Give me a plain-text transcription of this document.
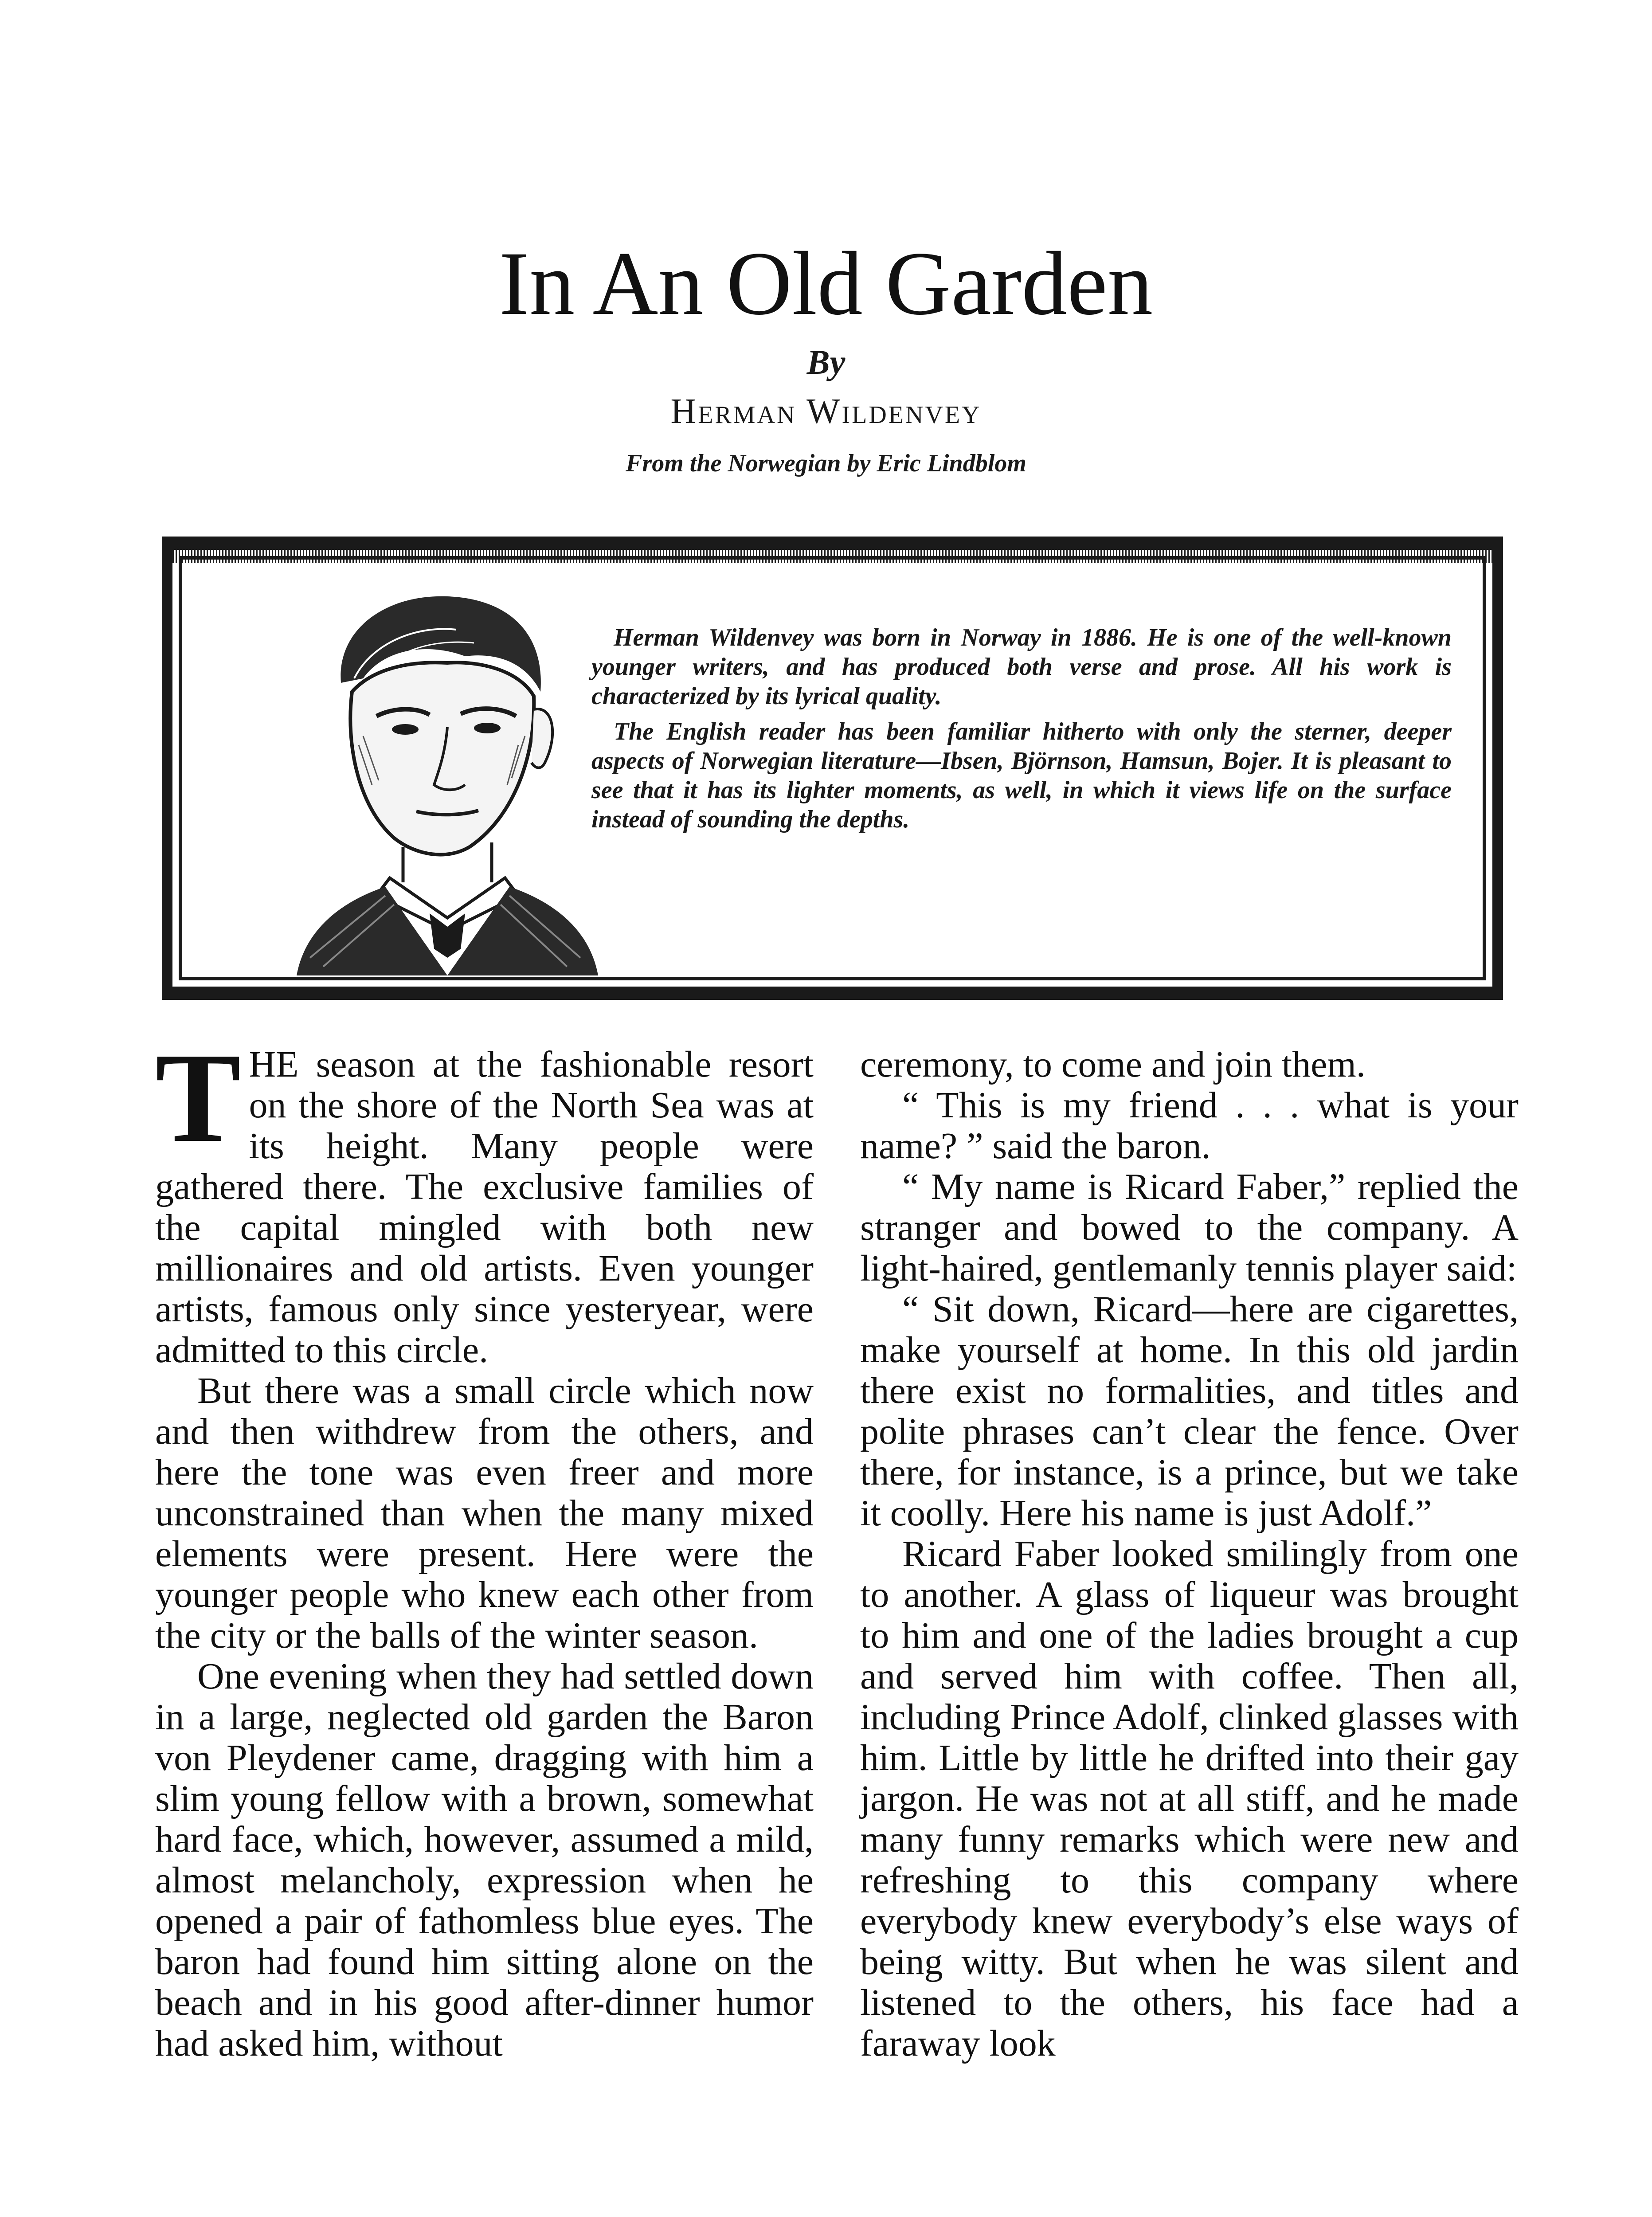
In An Old Garden
By
Herman Wildenvey
From the Norwegian by Eric Lindblom

Herman Wildenvey was born in Norway in 1886. He is one of the well-known younger writers, and has produced both verse and prose. All his work is characterized by its lyrical quality.

The English reader has been familiar hitherto with only the sterner, deeper aspects of Norwegian literature—Ibsen, Björnson, Hamsun, Bojer. It is pleasant to see that it has its lighter moments, as well, in which it views life on the surface instead of sounding the depths.

THE season at the fashionable resort on the shore of the North Sea was at its height. Many people were gathered there. The exclusive families of the capital mingled with both new millionaires and old artists. Even younger artists, famous only since yesteryear, were admitted to this circle.

But there was a small circle which now and then withdrew from the others, and here the tone was even freer and more unconstrained than when the many mixed elements were present. Here were the younger people who knew each other from the city or the balls of the winter season.

One evening when they had settled down in a large, neglected old garden the Baron von Pleydener came, dragging with him a slim young fellow with a brown, somewhat hard face, which, however, assumed a mild, almost melancholy, expression when he opened a pair of fathomless blue eyes. The baron had found him sitting alone on the beach and in his good after-dinner humor had asked him, without

ceremony, to come and join them.

“ This is my friend . . . what is your name? ” said the baron.

“ My name is Ricard Faber,” replied the stranger and bowed to the company. A light-haired, gentlemanly tennis player said:

“ Sit down, Ricard—here are cigarettes, make yourself at home. In this old jardin there exist no formalities, and titles and polite phrases can’t clear the fence. Over there, for instance, is a prince, but we take it coolly. Here his name is just Adolf.”

Ricard Faber looked smilingly from one to another. A glass of liqueur was brought to him and one of the ladies brought a cup and served him with coffee. Then all, including Prince Adolf, clinked glasses with him. Little by little he drifted into their gay jargon. He was not at all stiff, and he made many funny remarks which were new and refreshing to this company where everybody knew everybody’s else ways of being witty. But when he was silent and listened to the others, his face had a faraway look
